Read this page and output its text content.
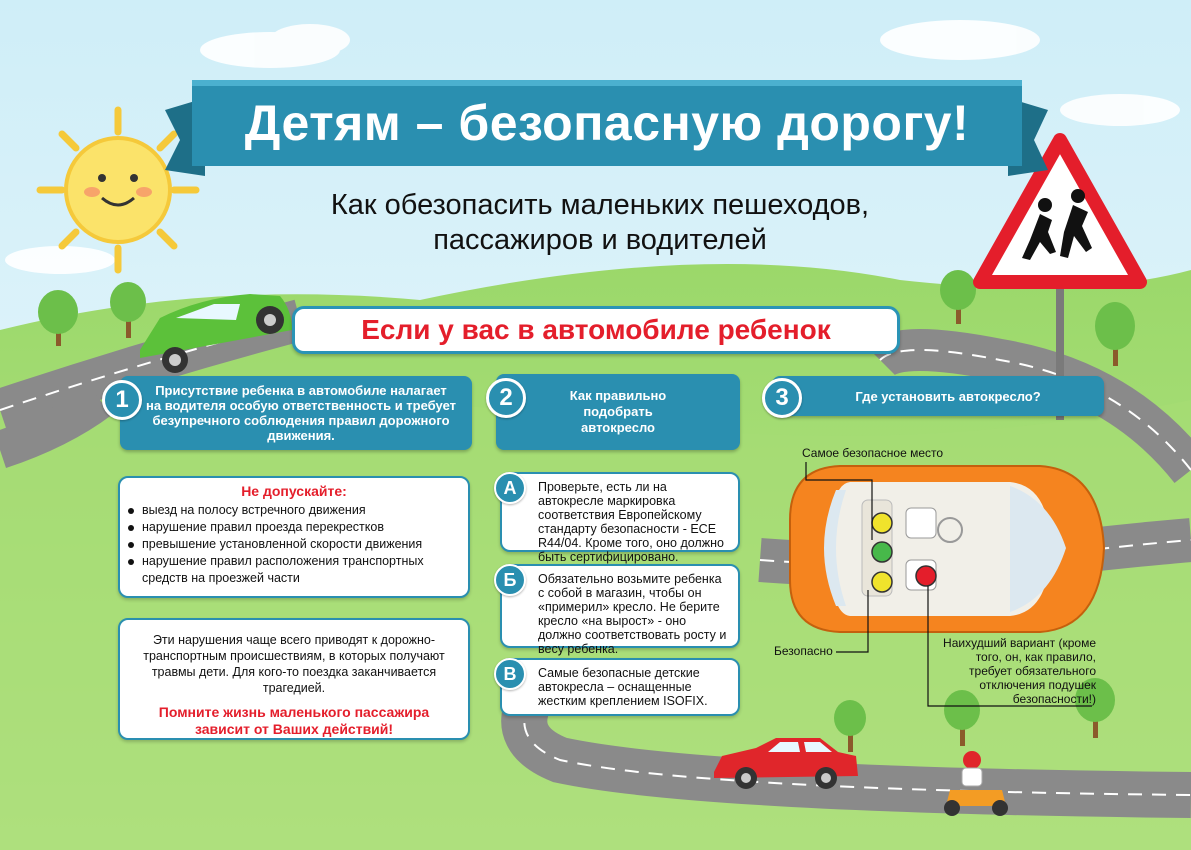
Детям – безопасную дорогу!
Как обезопасить маленьких пешеходов,
пассажиров и водителей
Если у вас в автомобиле ребенок
1	Присутствие ребенка в автомобиле налагает на водителя особую ответственность и требует безупречного соблюдения правил дорожного движения.
Не допускайте:
выезд на полосу встречного движения
нарушение правил проезда перекрестков
превышение установленной скорости движения
нарушение правил расположения транспортных средств на проезжей части
Эти нарушения чаще всего приводят к дорожно-транспортным происшествиям, в которых получают травмы дети. Для кого-то поездка заканчивается трагедией.
Помните жизнь маленького пассажира зависит от Ваших действий!
2	Как правильно подобрать автокресло
А	Проверьте, есть ли на автокресле маркировка соответствия Европейскому стандарту безопасности - ECE R44/04. Кроме того, оно должно быть сертифицировано.
Б	Обязательно возьмите ребенка с собой в магазин, чтобы он «примерил» кресло. Не берите кресло «на вырост» - оно должно соответствовать росту и весу ребенка.
В	Самые безопасные детские автокресла – оснащенные жестким креплением ISOFIX.
3	Где установить автокресло?
Самое безопасное место
Безопасно
Наихудший вариант (кроме того, он, как правило, требует обязательного отключения подушек безопасности!)
